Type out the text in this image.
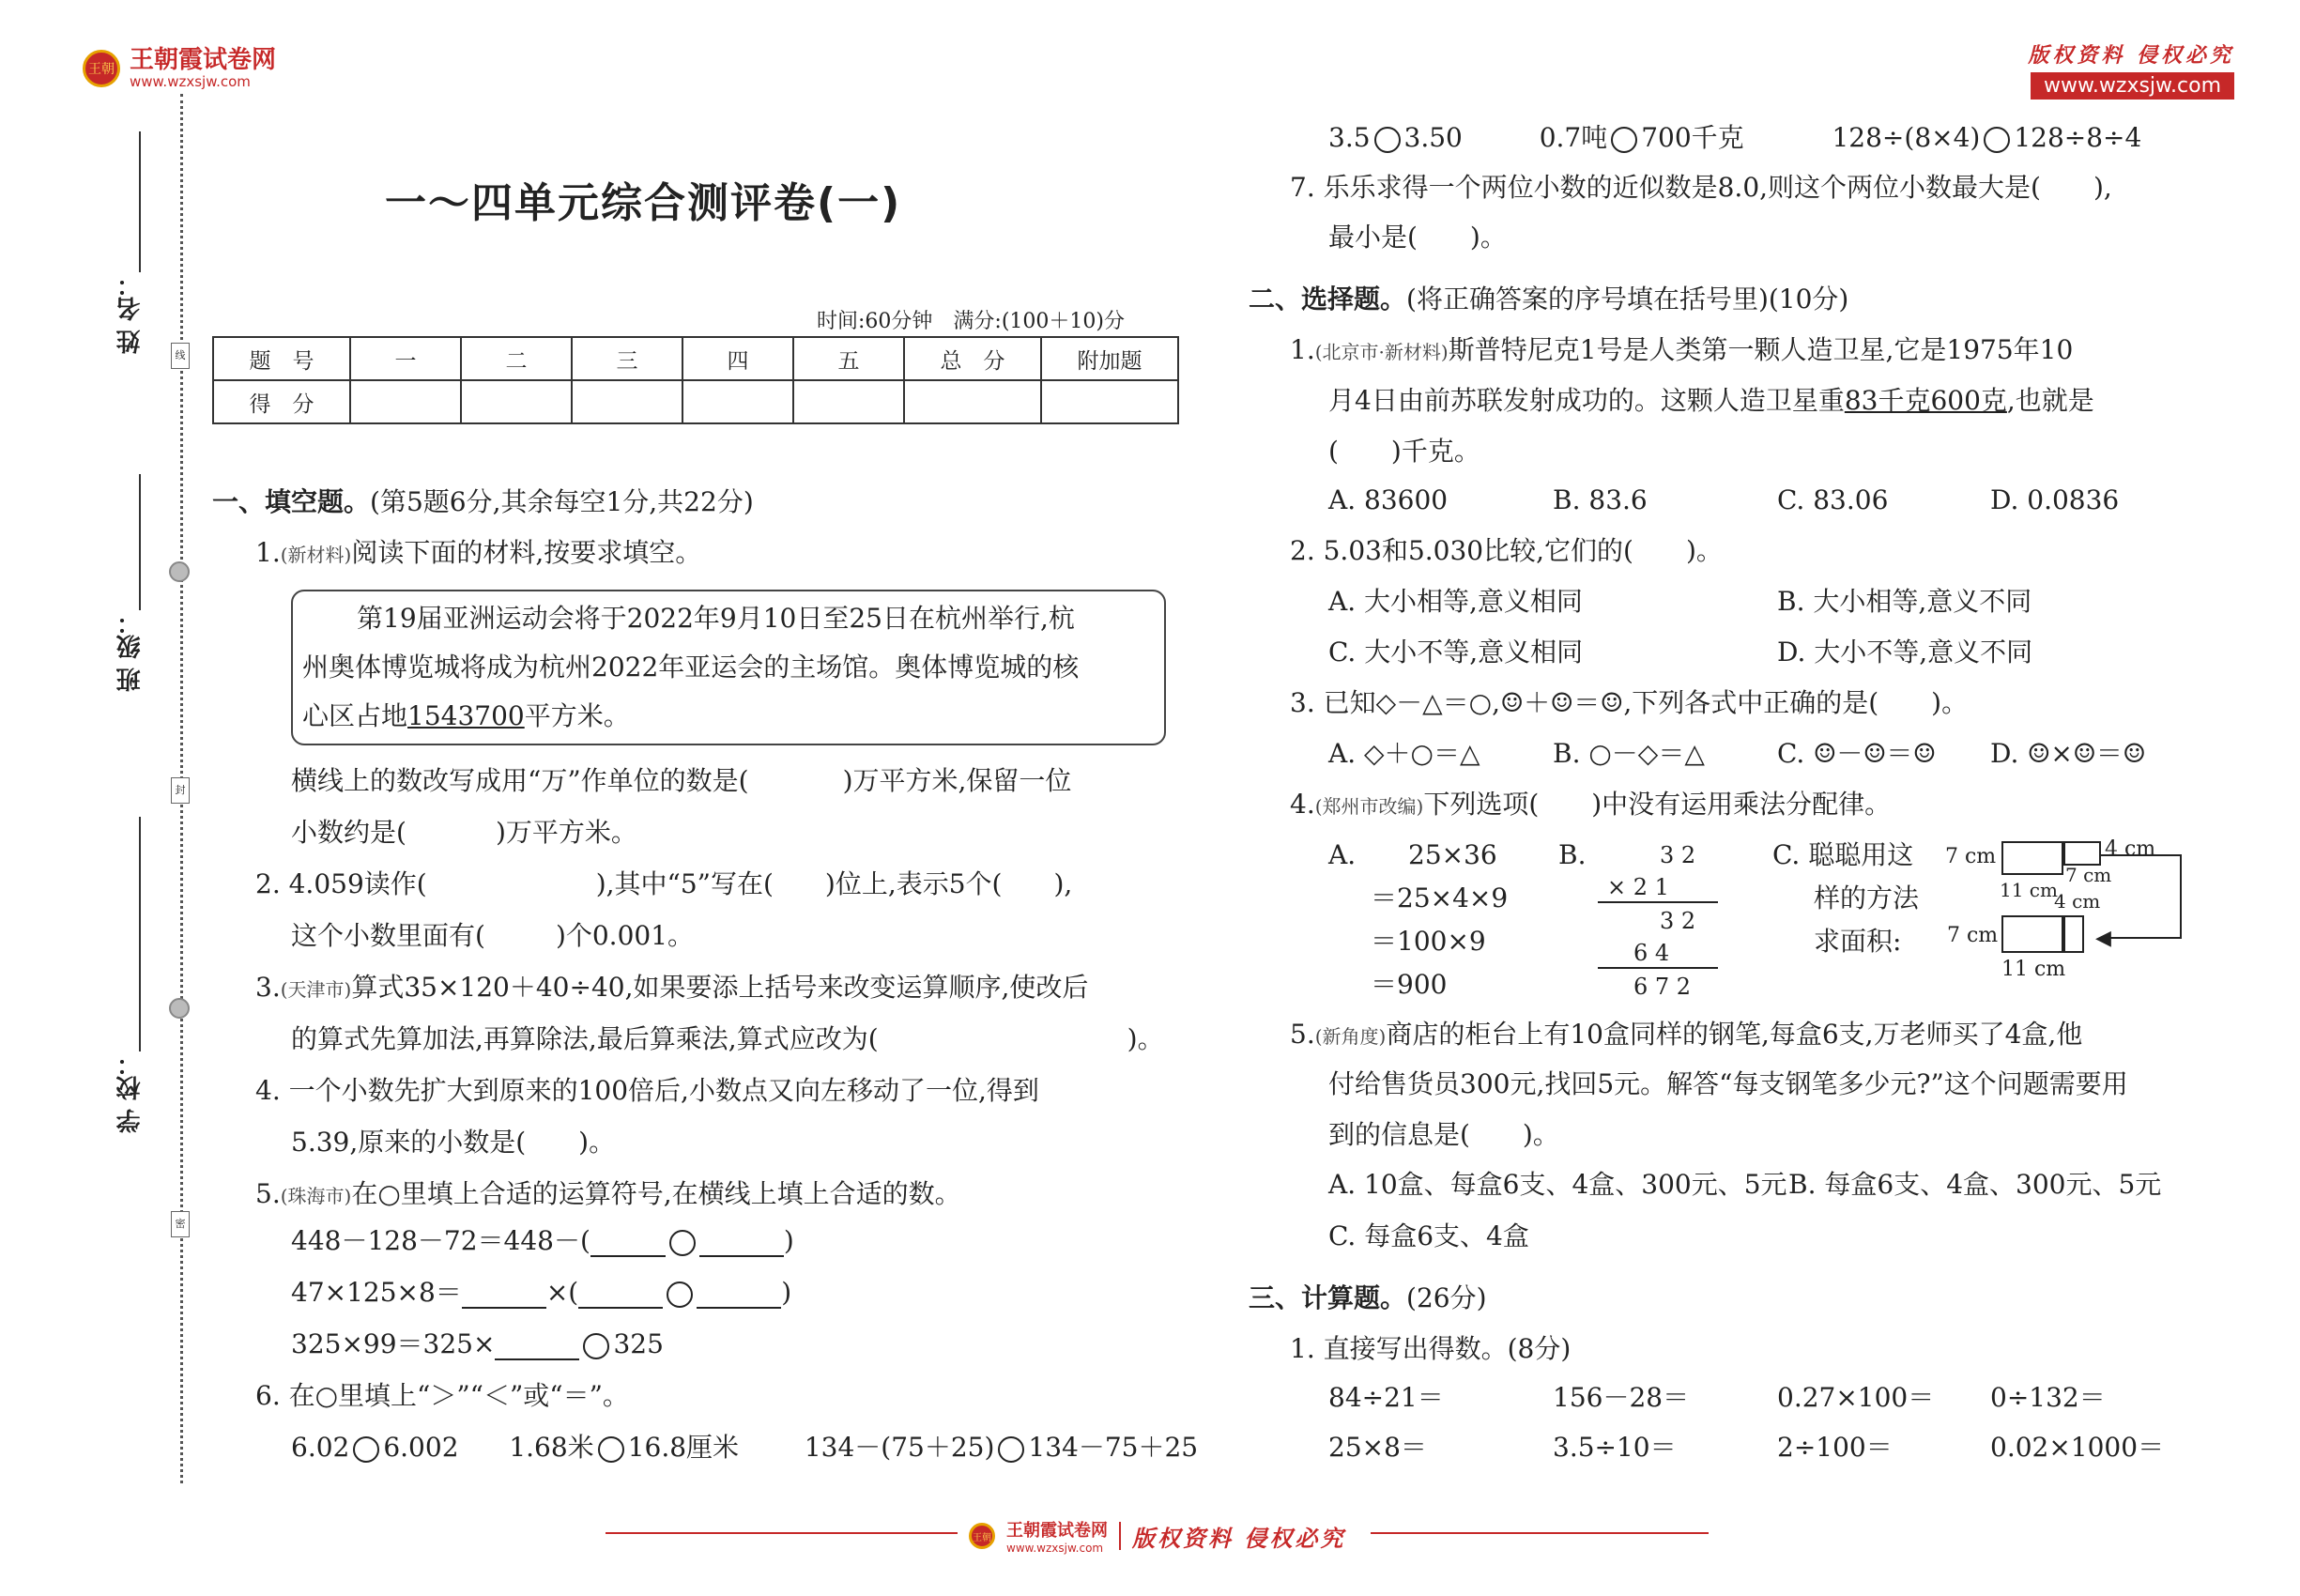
王朝 王朝霞试卷网
www.wzxsjw.com
版权资料 侵权必究
www.wzxsjw.com
姓 名：
班 级：
学 校：
线
封
密
一～四单元综合测评卷(一)
时间:60分钟　满分:(100＋10)分
题　号	一	二	三	四	五	总　分	附加题
得　分							
一、填空题。(第5题6分,其余每空1分,共22分)
1.(新材料)阅读下面的材料,按要求填空。
第19届亚洲运动会将于2022年9月10日至25日在杭州举行,杭
州奥体博览城将成为杭州2022年亚运会的主场馆。奥体博览城的核
心区占地1543700平方米。
横线上的数改写成用“万”作单位的数是(	)万平方米,保留一位
小数约是(	)万平方米。
2. 4.059读作(	),其中“5”写在( )位上,表示5个( ),
这个小数里面有(	)个0.001。
3.(天津市)算式35×120＋40÷40,如果要添上括号来改变运算顺序,使改后
的算式先算加法,再算除法,最后算乘法,算式应改为(	)。
4. 一个小数先扩大到原来的100倍后,小数点又向左移动了一位,得到
5.39,原来的小数是(　　)。
5.(珠海市)在○里填上合适的运算符号,在横线上填上合适的数。
448－128－72＝448－(	)
47×125×8＝	×(	)
325×99＝325×	325
6. 在○里填上“＞”“＜”或“＝”。
6.02 6.002 1.68米 16.8厘米 134－(75＋25) 134－75＋25
3.5 3.50	0.7吨 700千克	128÷(8×4) 128÷8÷4
7. 乐乐求得一个两位小数的近似数是8.0,则这个两位小数最大是(　　),
最小是(　　)。
二、选择题。(将正确答案的序号填在括号里)(10分)
1.(北京市·新材料)斯普特尼克1号是人类第一颗人造卫星,它是1975年10
月4日由前苏联发射成功的。这颗人造卫星重83千克600克,也就是
(　　)千克。
A. 83600	B. 83.6	C. 83.06	D. 0.0836
2. 5.03和5.030比较,它们的(　　)。
A. 大小相等,意义相同	B. 大小相等,意义不同
C. 大小不等,意义相同	D. 大小不等,意义不同
3. 已知◇－△＝○,☺＋☺＝☺,下列各式中正确的是(　　)。
A. ◇＋○＝△	B. ○－◇＝△	C. ☺－☺＝☺ D. ☺×☺＝☺
4.(郑州市改编)下列选项(　　)中没有运用乘法分配律。
A. 25×36
＝25×4×9
＝100×9
＝900
B.	3 2
× 2 1
3 2
6 4
6 7 2
C. 聪聪用这
样的方法
求面积:	◀
7 cm	4 cm
7 cm
11 cm
4 cm
7 cm
11 cm
5.(新角度)商店的柜台上有10盒同样的钢笔,每盒6支,万老师买了4盒,他
付给售货员300元,找回5元。解答“每支钢笔多少元?”这个问题需要用
到的信息是(　　)。
A. 10盒、每盒6支、4盒、300元、5元 B. 每盒6支、4盒、300元、5元
C. 每盒6支、4盒
三、计算题。(26分)
1. 直接写出得数。(8分)
84÷21＝	156－28＝	0.27×100＝ 0÷132＝
25×8＝	3.5÷10＝	2÷100＝	0.02×1000＝
王朝 王朝霞试卷网
www.wzxsjw.com 版权资料 侵权必究
